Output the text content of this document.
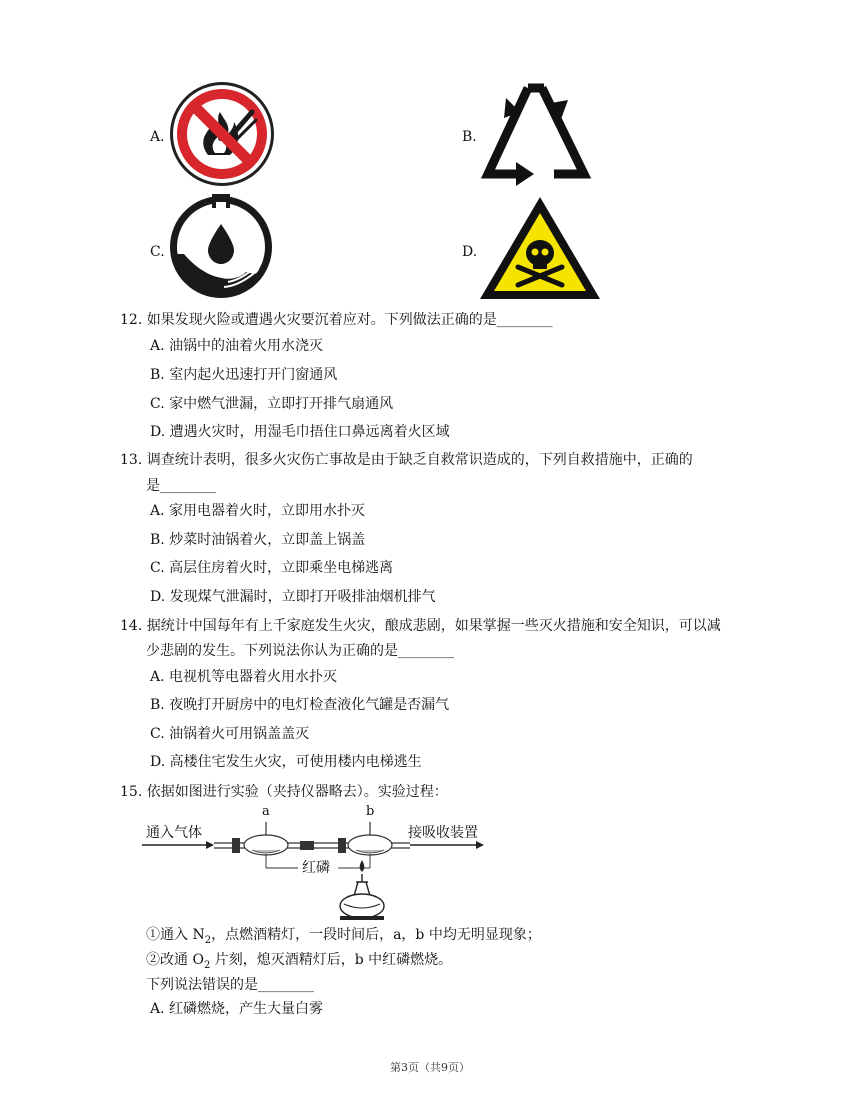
A.	B.
C.	D.
12. 如果发现火险或遭遇火灾要沉着应对。下列做法正确的是________
A. 油锅中的油着火用水浇灭
B. 室内起火迅速打开门窗通风
C. 家中燃气泄漏，立即打开排气扇通风
D. 遭遇火灾时，用湿毛巾捂住口鼻远离着火区域
13. 调查统计表明，很多火灾伤亡事故是由于缺乏自救常识造成的，下列自救措施中，正确的
是________
A. 家用电器着火时，立即用水扑灭
B. 炒菜时油锅着火，立即盖上锅盖
C. 高层住房着火时，立即乘坐电梯逃离
D. 发现煤气泄漏时，立即打开吸排油烟机排气
14. 据统计中国每年有上千家庭发生火灾，酿成悲剧，如果掌握一些灭火措施和安全知识，可以减
少悲剧的发生。下列说法你认为正确的是________
A. 电视机等电器着火用水扑灭
B. 夜晚打开厨房中的电灯检查液化气罐是否漏气
C. 油锅着火可用锅盖盖灭
D. 高楼住宅发生火灾，可使用楼内电梯逃生
15. 依据如图进行实验（夹持仪器略去）。实验过程：
通入气体
a	b
接吸收装置
红磷
①通入 $N_2$，点燃酒精灯，一段时间后，a，b 中均无明显现象；
②改通 $O_2$ 片刻，熄灭酒精灯后，b 中红磷燃烧。
下列说法错误的是________
A. 红磷燃烧，产生大量白雾
第3页（共9页）
